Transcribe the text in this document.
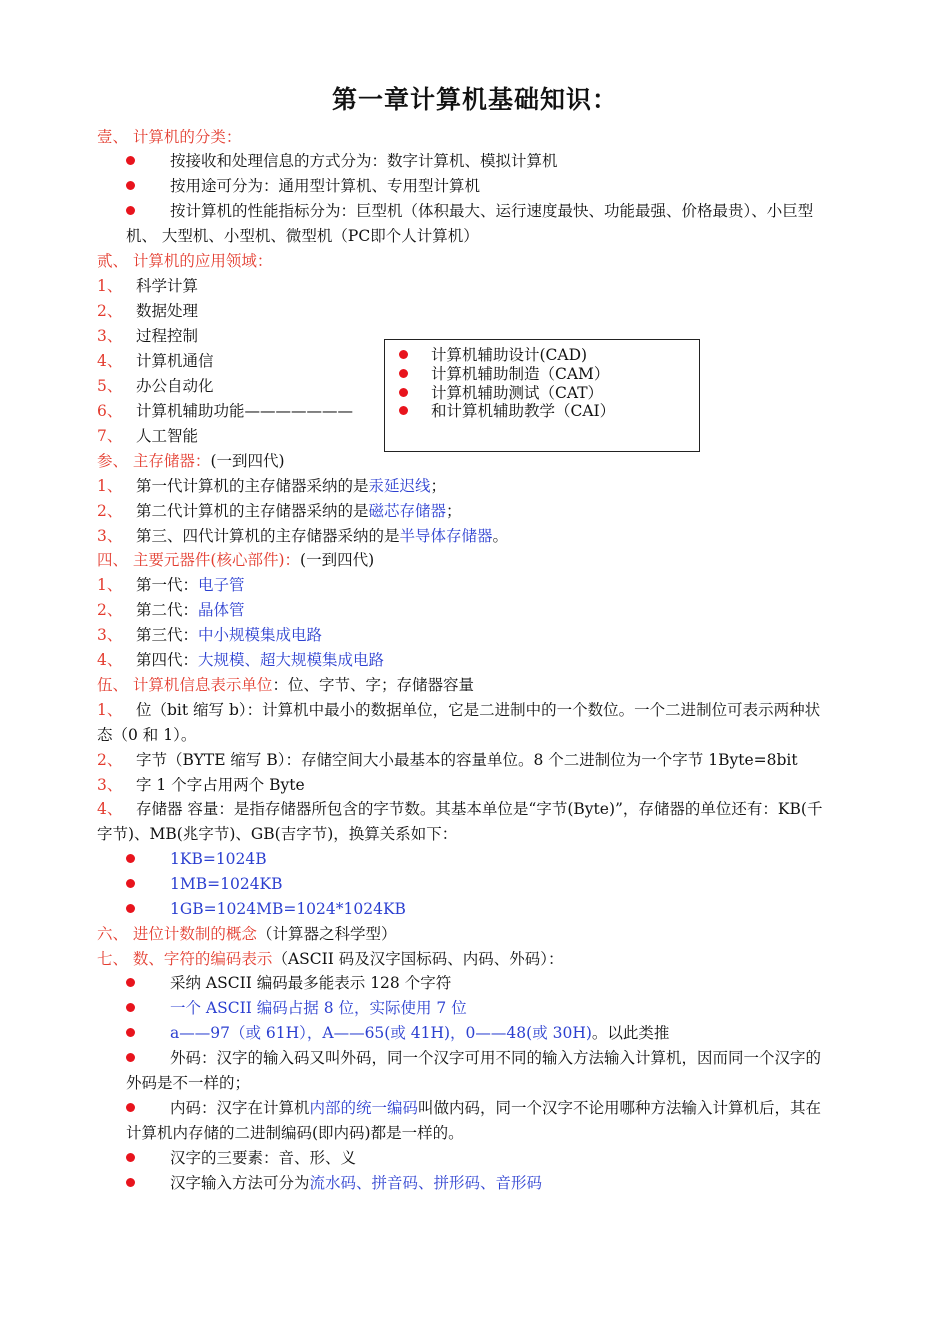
第一章计算机基础知识：
壹、 计算机的分类：
按接收和处理信息的方式分为：数字计算机、模拟计算机
按用途可分为：通用型计算机、专用型计算机
按计算机的性能指标分为：巨型机（体积最大、运行速度最快、功能最强、价格最贵）、小巨型
机、 大型机、小型机、微型机（PC即个人计算机）
贰、 计算机的应用领域：
1、 科学计算
2、 数据处理
3、 过程控制
4、 计算机通信
5、 办公自动化
6、 计算机辅助功能———————
7、 人工智能
计算机辅助设计(CAD)
计算机辅助制造（CAM）
计算机辅助测试（CAT）
和计算机辅助教学（CAI）
参、 主存储器：(一到四代)
1、 第一代计算机的主存储器采纳的是汞延迟线；
2、 第二代计算机的主存储器采纳的是磁芯存储器；
3、 第三、四代计算机的主存储器采纳的是半导体存储器。
四、 主要元器件(核心部件)：(一到四代)
1、 第一代：电子管
2、 第二代：晶体管
3、 第三代：中小规模集成电路
4、 第四代：大规模、超大规模集成电路
伍、 计算机信息表示单位：位、字节、字；存储器容量
1、 位（bit 缩写 b）：计算机中最小的数据单位，它是二进制中的一个数位。一个二进制位可表示两种状
态（0 和 1）。
2、 字节（BYTE 缩写 B）：存储空间大小最基本的容量单位。8 个二进制位为一个字节 1Byte=8bit
3、 字 1 个字占用两个 Byte
4、 存储器 容量：是指存储器所包含的字节数。其基本单位是“字节(Byte)”，存储器的单位还有：KB(千
字节)、MB(兆字节)、GB(吉字节)，换算关系如下：
1KB=1024B
1MB=1024KB
1GB=1024MB=1024*1024KB
六、 进位计数制的概念（计算器之科学型）
七、 数、字符的编码表示（ASCII 码及汉字国标码、内码、外码）：
采纳 ASCII 编码最多能表示 128 个字符
一个 ASCII 编码占据 8 位，实际使用 7 位
a——97（或 61H），A——65(或 41H)，0——48(或 30H)。以此类推
外码：汉字的输入码又叫外码，同一个汉字可用不同的输入方法输入计算机，因而同一个汉字的
外码是不一样的；
内码：汉字在计算机内部的统一编码叫做内码，同一个汉字不论用哪种方法输入计算机后，其在
计算机内存储的二进制编码(即内码)都是一样的。
汉字的三要素：音、形、义
汉字输入方法可分为流水码、拼音码、拼形码、音形码
